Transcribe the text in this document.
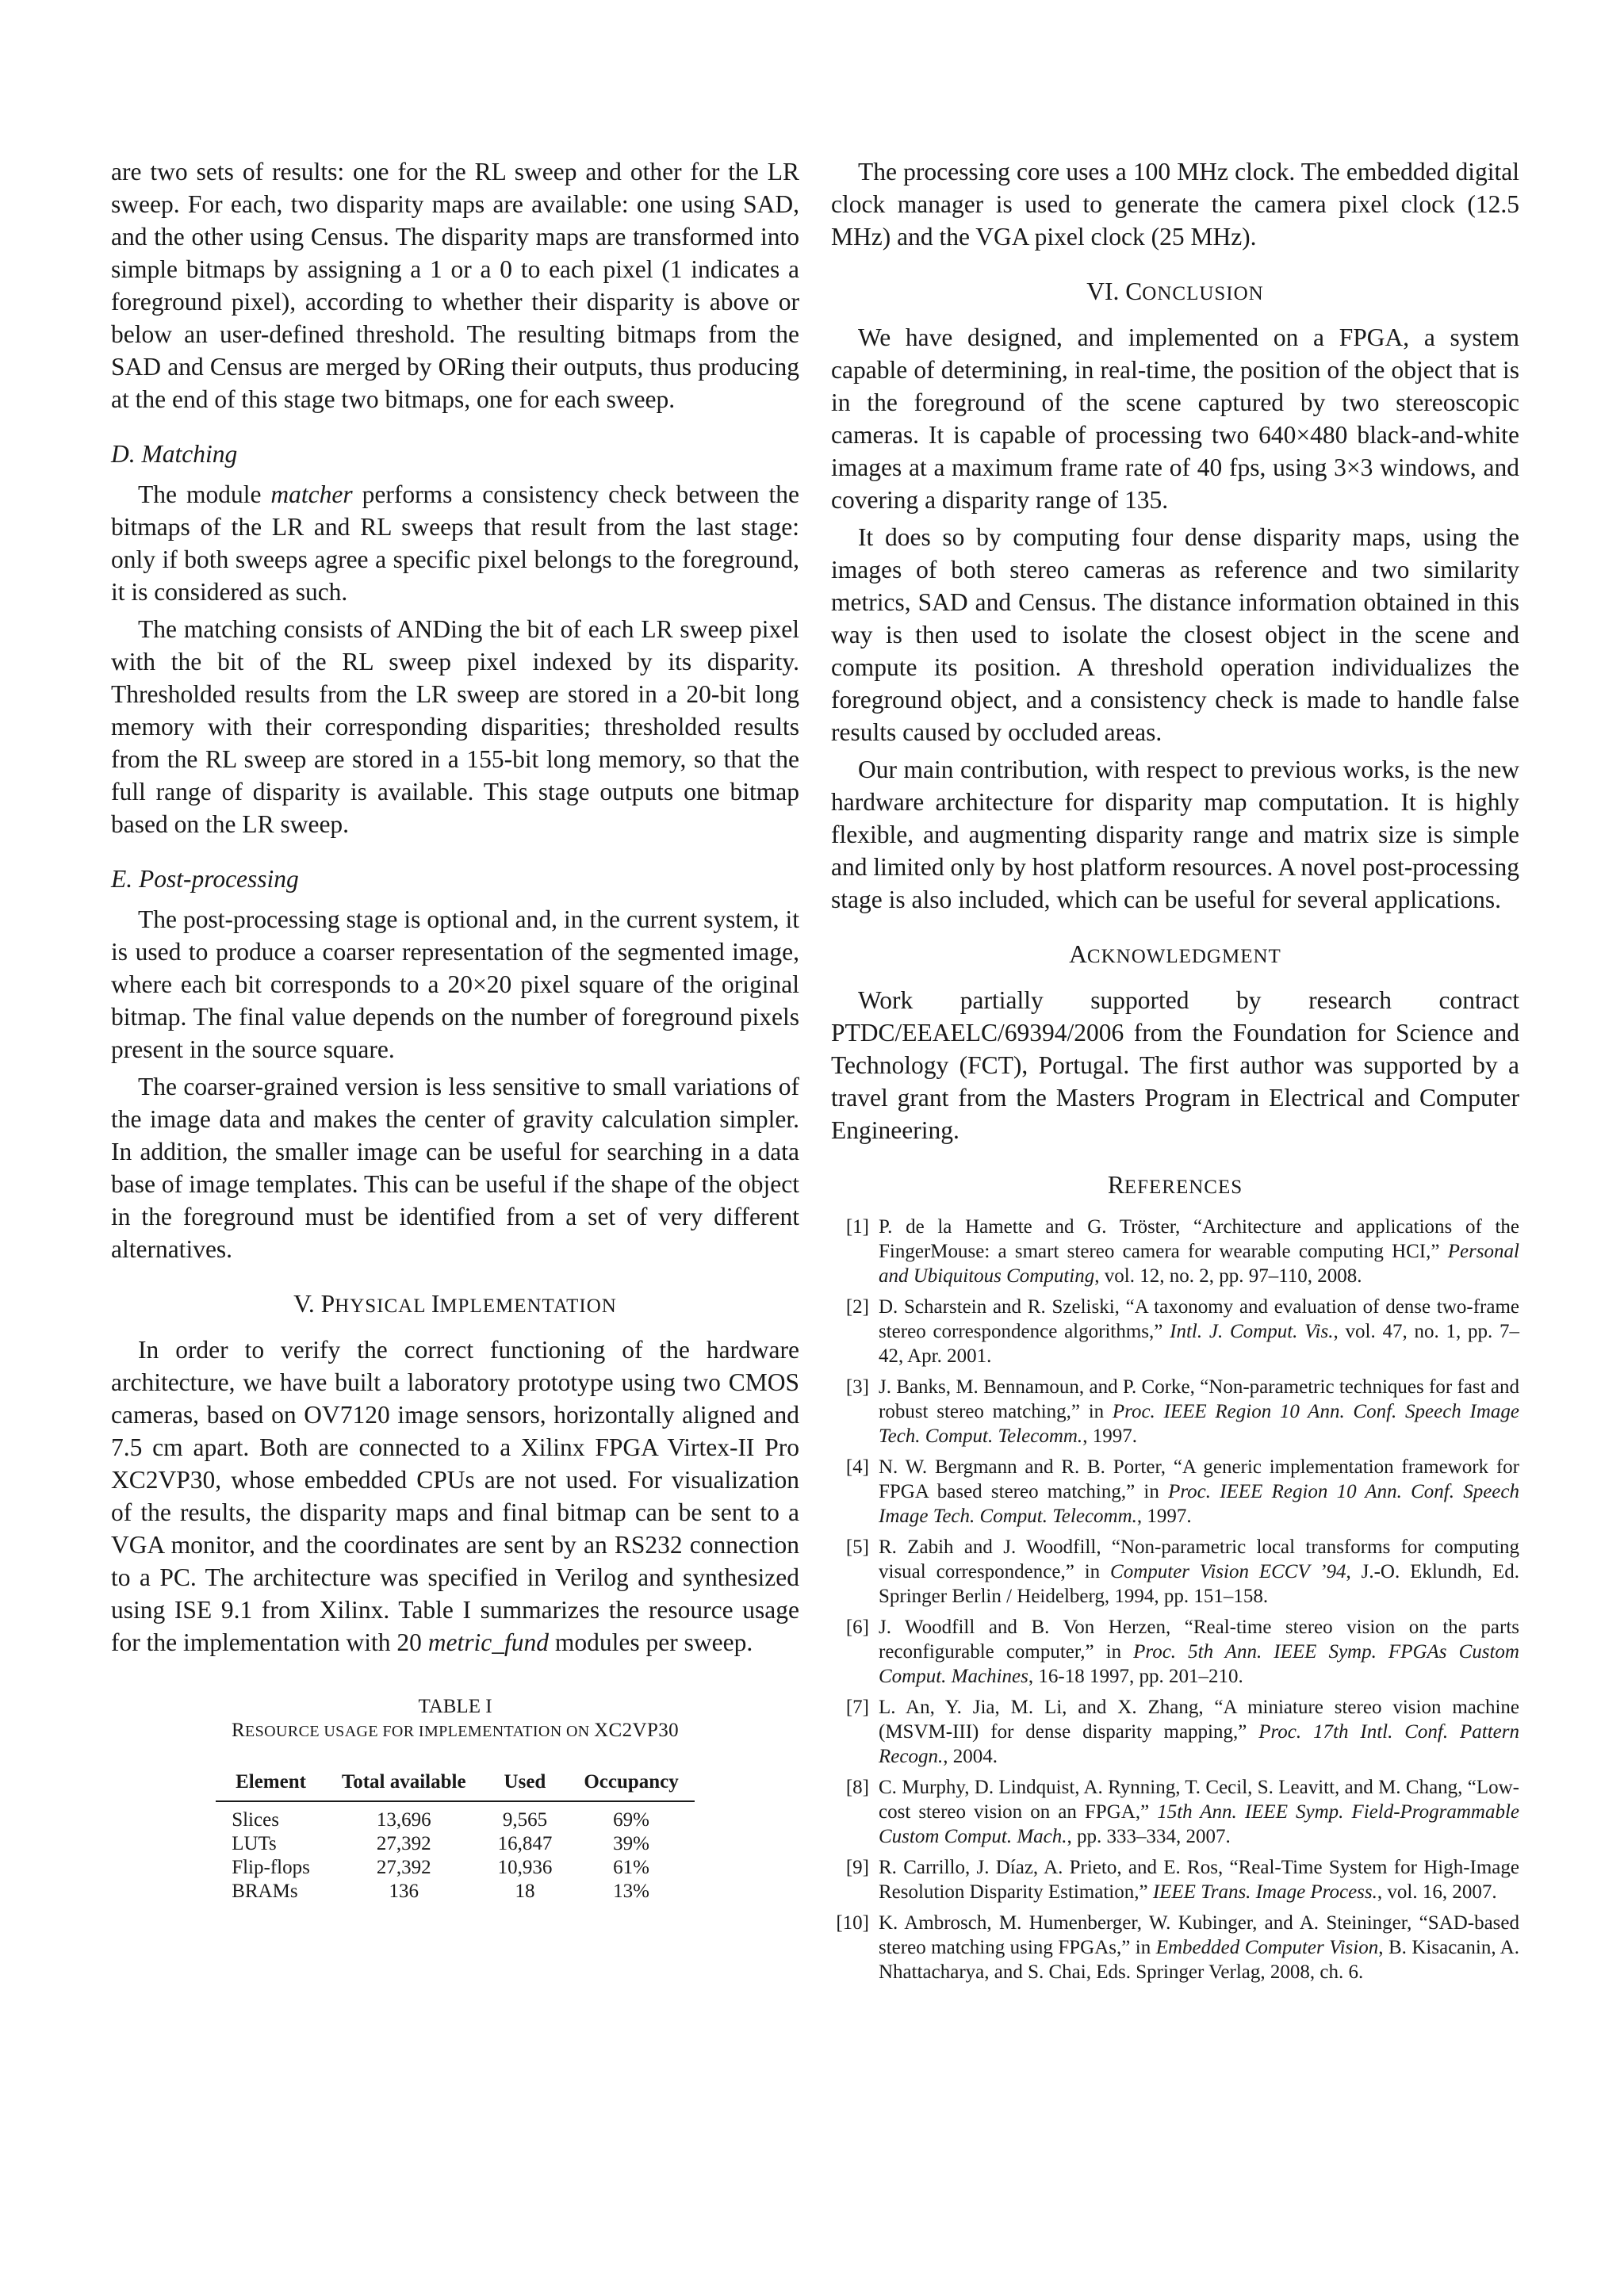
are two sets of results: one for the RL sweep and other for the LR sweep. For each, two disparity maps are available: one using SAD, and the other using Census. The disparity maps are transformed into simple bitmaps by assigning a 1 or a 0 to each pixel (1 indicates a foreground pixel), according to whether their disparity is above or below an user-defined threshold. The resulting bitmaps from the SAD and Census are merged by ORing their outputs, thus producing at the end of this stage two bitmaps, one for each sweep.

D. Matching

The module matcher performs a consistency check between the bitmaps of the LR and RL sweeps that result from the last stage: only if both sweeps agree a specific pixel belongs to the foreground, it is considered as such.

The matching consists of ANDing the bit of each LR sweep pixel with the bit of the RL sweep pixel indexed by its disparity. Thresholded results from the LR sweep are stored in a 20-bit long memory with their corresponding disparities; thresholded results from the RL sweep are stored in a 155-bit long memory, so that the full range of disparity is available. This stage outputs one bitmap based on the LR sweep.

E. Post-processing

The post-processing stage is optional and, in the current system, it is used to produce a coarser representation of the segmented image, where each bit corresponds to a 20×20 pixel square of the original bitmap. The final value depends on the number of foreground pixels present in the source square.

The coarser-grained version is less sensitive to small variations of the image data and makes the center of gravity calculation simpler. In addition, the smaller image can be useful for searching in a data base of image templates. This can be useful if the shape of the object in the foreground must be identified from a set of very different alternatives.

V. PHYSICAL IMPLEMENTATION

In order to verify the correct functioning of the hardware architecture, we have built a laboratory prototype using two CMOS cameras, based on OV7120 image sensors, horizontally aligned and 7.5 cm apart. Both are connected to a Xilinx FPGA Virtex-II Pro XC2VP30, whose embedded CPUs are not used. For visualization of the results, the disparity maps and final bitmap can be sent to a VGA monitor, and the coordinates are sent by an RS232 connection to a PC. The architecture was specified in Verilog and synthesized using ISE 9.1 from Xilinx. Table I summarizes the resource usage for the implementation with 20 metric_fund modules per sweep.

TABLE I
RESOURCE USAGE FOR IMPLEMENTATION ON XC2VP30
Element	Total available	Used	Occupancy
Slices	13,696	9,565	69%
LUTs	27,392	16,847	39%
Flip-flops	27,392	10,936	61%
BRAMs	136	18	13%

The processing core uses a 100 MHz clock. The embedded digital clock manager is used to generate the camera pixel clock (12.5 MHz) and the VGA pixel clock (25 MHz).

VI. CONCLUSION

We have designed, and implemented on a FPGA, a system capable of determining, in real-time, the position of the object that is in the foreground of the scene captured by two stereoscopic cameras. It is capable of processing two 640×480 black-and-white images at a maximum frame rate of 40 fps, using 3×3 windows, and covering a disparity range of 135.

It does so by computing four dense disparity maps, using the images of both stereo cameras as reference and two similarity metrics, SAD and Census. The distance information obtained in this way is then used to isolate the closest object in the scene and compute its position. A threshold operation individualizes the foreground object, and a consistency check is made to handle false results caused by occluded areas.

Our main contribution, with respect to previous works, is the new hardware architecture for disparity map computation. It is highly flexible, and augmenting disparity range and matrix size is simple and limited only by host platform resources. A novel post-processing stage is also included, which can be useful for several applications.

ACKNOWLEDGMENT

Work partially supported by research contract PTDC/EEAELC/69394/2006 from the Foundation for Science and Technology (FCT), Portugal. The first author was supported by a travel grant from the Masters Program in Electrical and Computer Engineering.

REFERENCES
[1] P. de la Hamette and G. Tröster, “Architecture and applications of the FingerMouse: a smart stereo camera for wearable computing HCI,” Personal and Ubiquitous Computing, vol. 12, no. 2, pp. 97–110, 2008.
[2] D. Scharstein and R. Szeliski, “A taxonomy and evaluation of dense two-frame stereo correspondence algorithms,” Intl. J. Comput. Vis., vol. 47, no. 1, pp. 7–42, Apr. 2001.
[3] J. Banks, M. Bennamoun, and P. Corke, “Non-parametric techniques for fast and robust stereo matching,” in Proc. IEEE Region 10 Ann. Conf. Speech Image Tech. Comput. Telecomm., 1997.
[4] N. W. Bergmann and R. B. Porter, “A generic implementation framework for FPGA based stereo matching,” in Proc. IEEE Region 10 Ann. Conf. Speech Image Tech. Comput. Telecomm., 1997.
[5] R. Zabih and J. Woodfill, “Non-parametric local transforms for computing visual correspondence,” in Computer Vision ECCV ’94, J.-O. Eklundh, Ed. Springer Berlin / Heidelberg, 1994, pp. 151–158.
[6] J. Woodfill and B. Von Herzen, “Real-time stereo vision on the parts reconfigurable computer,” in Proc. 5th Ann. IEEE Symp. FPGAs Custom Comput. Machines, 16-18 1997, pp. 201–210.
[7] L. An, Y. Jia, M. Li, and X. Zhang, “A miniature stereo vision machine (MSVM-III) for dense disparity mapping,” Proc. 17th Intl. Conf. Pattern Recogn., 2004.
[8] C. Murphy, D. Lindquist, A. Rynning, T. Cecil, S. Leavitt, and M. Chang, “Low-cost stereo vision on an FPGA,” 15th Ann. IEEE Symp. Field-Programmable Custom Comput. Mach., pp. 333–334, 2007.
[9] R. Carrillo, J. Díaz, A. Prieto, and E. Ros, “Real-Time System for High-Image Resolution Disparity Estimation,” IEEE Trans. Image Process., vol. 16, 2007.
[10] K. Ambrosch, M. Humenberger, W. Kubinger, and A. Steininger, “SAD-based stereo matching using FPGAs,” in Embedded Computer Vision, B. Kisacanin, A. Nhattacharya, and S. Chai, Eds. Springer Verlag, 2008, ch. 6.
